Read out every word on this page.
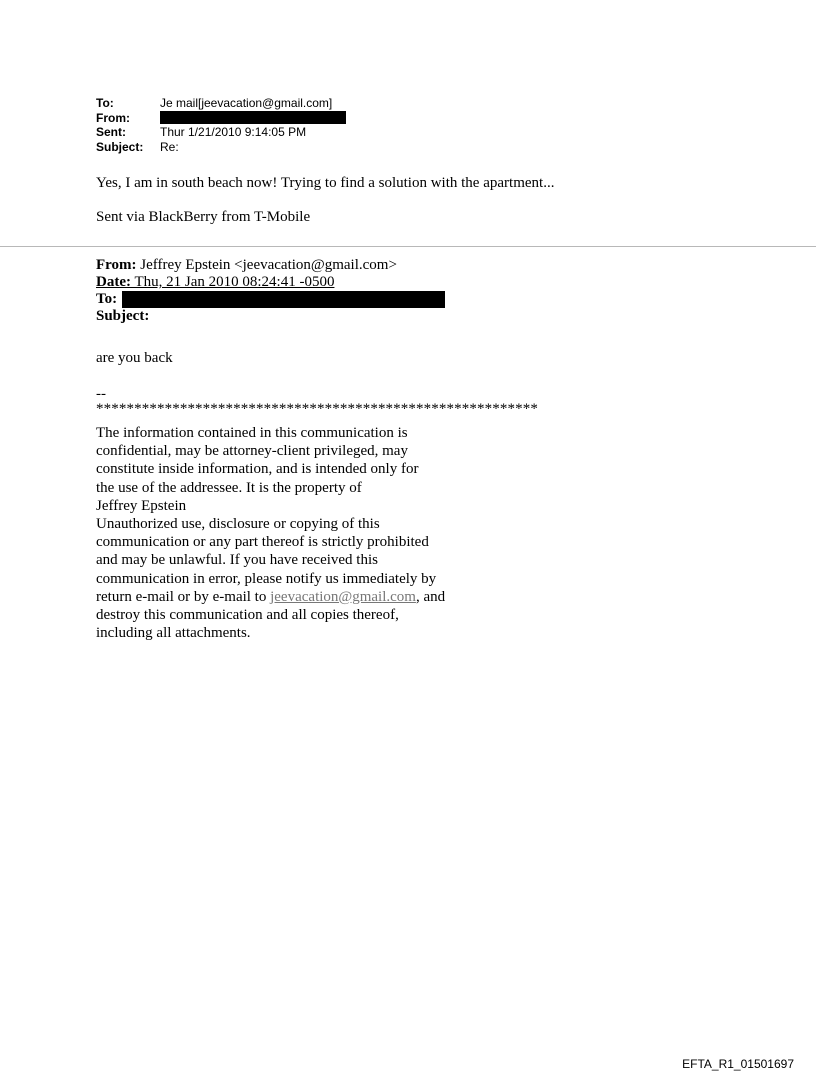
To:	Je mail[jeevacation@gmail.com]
From:
Sent:	Thur 1/21/2010 9:14:05 PM
Subject:	Re:
Yes, I am in south beach now! Trying to find a solution with the apartment...
Sent via BlackBerry from T-Mobile
From: Jeffrey Epstein <jeevacation@gmail.com>
Date: Thu, 21 Jan 2010 08:24:41 -0500
To:
Subject:
are you back
--
**********************************************************
The information contained in this communication is
confidential, may be attorney-client privileged, may
constitute inside information, and is intended only for
the use of the addressee. It is the property of
Jeffrey Epstein
Unauthorized use, disclosure or copying of this
communication or any part thereof is strictly prohibited
and may be unlawful. If you have received this
communication in error, please notify us immediately by
return e-mail or by e-mail to jeevacation@gmail.com, and
destroy this communication and all copies thereof,
including all attachments.
EFTA_R1_01501697
